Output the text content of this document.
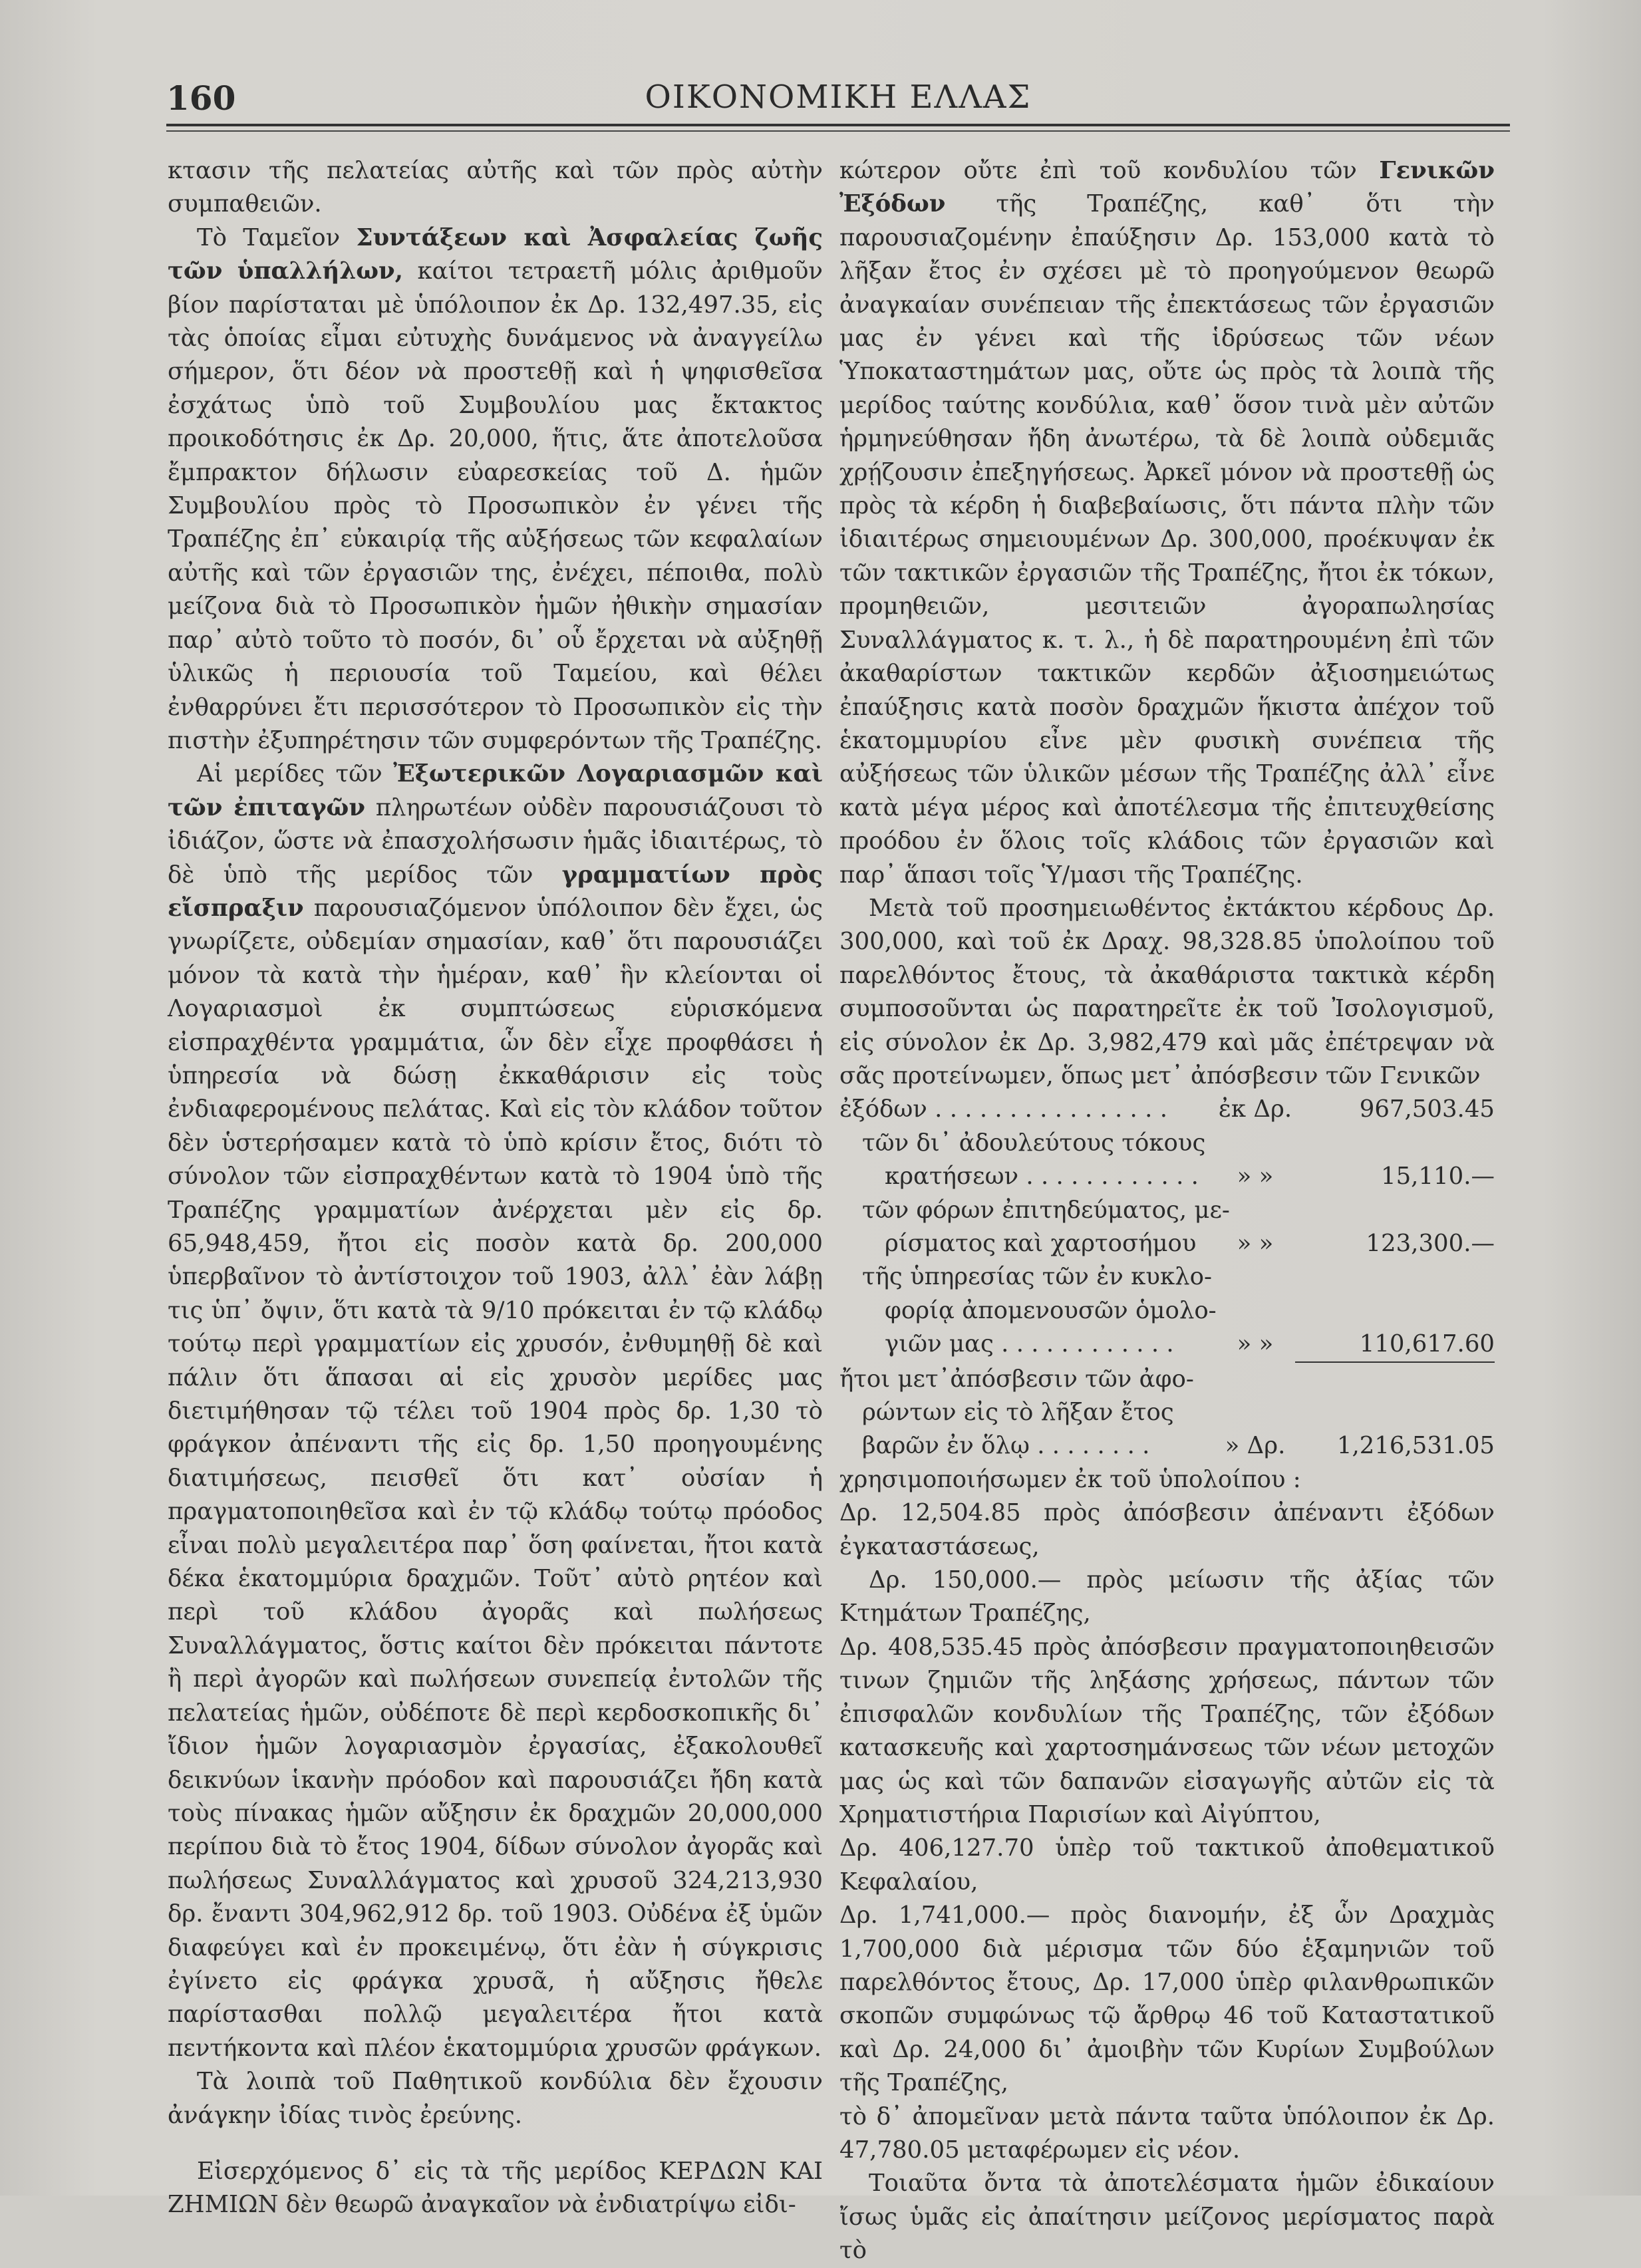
160	ΟΙΚΟΝΟΜΙΚΗ ΕΛΛΑΣ

κτασιν τῆς πελατείας αὐτῆς καὶ τῶν πρὸς αὐτὴν συμπαθειῶν.

Τὸ Ταμεῖον Συντάξεων καὶ Ἀσφαλείας ζωῆς τῶν ὑπαλλήλων, καίτοι τετραετῆ μόλις ἀριθμοῦν βίον παρίσταται μὲ ὑπόλοιπον ἐκ Δρ. 132,497.35, εἰς τὰς ὁποίας εἶμαι εὐτυχὴς δυνάμενος νὰ ἀναγγείλω σήμερον, ὅτι δέον νὰ προστεθῇ καὶ ἡ ψηφισθεῖσα ἐσχάτως ὑπὸ τοῦ Συμβουλίου μας ἔκτακτος προικοδότησις ἐκ Δρ. 20,000, ἥτις, ἅτε ἀποτελοῦσα ἔμπρακτον δήλωσιν εὐαρεσκείας τοῦ Δ. ἡμῶν Συμβουλίου πρὸς τὸ Προσωπικὸν ἐν γένει τῆς Τραπέζης ἐπ᾽ εὐκαιρίᾳ τῆς αὐξήσεως τῶν κεφαλαίων αὐτῆς καὶ τῶν ἐργασιῶν της, ἐνέχει, πέποιθα, πολὺ μείζονα διὰ τὸ Προσωπικὸν ἡμῶν ἠθικὴν σημασίαν παρ᾽ αὐτὸ τοῦτο τὸ ποσόν, δι᾽ οὗ ἔρχεται νὰ αὐξηθῇ ὑλικῶς ἡ περιουσία τοῦ Ταμείου, καὶ θέλει ἐνθαρρύνει ἔτι περισσότερον τὸ Προσωπικὸν εἰς τὴν πιστὴν ἐξυπηρέτησιν τῶν συμφερόντων τῆς Τραπέζης.

Αἱ μερίδες τῶν Ἐξωτερικῶν Λογαριασμῶν καὶ τῶν ἐπιταγῶν πληρωτέων οὐδὲν παρουσιάζουσι τὸ ἰδιάζον, ὥστε νὰ ἐπασχολήσωσιν ἡμᾶς ἰδιαιτέρως, τὸ δὲ ὑπὸ τῆς μερίδος τῶν γραμματίων πρὸς εἴσπραξιν παρουσιαζόμενον ὑπόλοιπον δὲν ἔχει, ὡς γνωρίζετε, οὐδεμίαν σημασίαν, καθ᾽ ὅτι παρουσιάζει μόνον τὰ κατὰ τὴν ἡμέραν, καθ᾽ ἣν κλείονται οἱ Λογαριασμοὶ ἐκ συμπτώσεως εὑρισκόμενα εἰσπραχθέντα γραμμάτια, ὧν δὲν εἶχε προφθάσει ἡ ὑπηρεσία νὰ δώσῃ ἐκκαθάρισιν εἰς τοὺς ἐνδιαφερομένους πελάτας. Καὶ εἰς τὸν κλάδον τοῦτον δὲν ὑστερήσαμεν κατὰ τὸ ὑπὸ κρίσιν ἔτος, διότι τὸ σύνολον τῶν εἰσπραχθέντων κατὰ τὸ 1904 ὑπὸ τῆς Τραπέζης γραμματίων ἀνέρχεται μὲν εἰς δρ. 65,948,459, ἤτοι εἰς ποσὸν κατὰ δρ. 200,000 ὑπερβαῖνον τὸ ἀντίστοιχον τοῦ 1903, ἀλλ᾽ ἐὰν λάβῃ τις ὑπ᾽ ὄψιν, ὅτι κατὰ τὰ 9/10 πρόκειται ἐν τῷ κλάδῳ τούτῳ περὶ γραμματίων εἰς χρυσόν, ἐνθυμηθῇ δὲ καὶ πάλιν ὅτι ἅπασαι αἱ εἰς χρυσὸν μερίδες μας διετιμήθησαν τῷ τέλει τοῦ 1904 πρὸς δρ. 1,30 τὸ φράγκον ἀπέναντι τῆς εἰς δρ. 1,50 προηγουμένης διατιμήσεως, πεισθεῖ ὅτι κατ᾽ οὐσίαν ἡ πραγματοποιηθεῖσα καὶ ἐν τῷ κλάδῳ τούτῳ πρόοδος εἶναι πολὺ μεγαλειτέρα παρ᾽ ὅση φαίνεται, ἤτοι κατὰ δέκα ἑκατομμύρια δραχμῶν. Τοῦτ᾽ αὐτὸ ρητέον καὶ περὶ τοῦ κλάδου ἀγορᾶς καὶ πωλήσεως Συναλλάγματος, ὅστις καίτοι δὲν πρόκειται πάντοτε ἢ περὶ ἀγορῶν καὶ πωλήσεων συνεπείᾳ ἐντολῶν τῆς πελατείας ἡμῶν, οὐδέποτε δὲ περὶ κερδοσκοπικῆς δι᾽ ἴδιον ἡμῶν λογαριασμὸν ἐργασίας, ἐξακολουθεῖ δεικνύων ἱκανὴν πρόοδον καὶ παρουσιάζει ἤδη κατὰ τοὺς πίνακας ἡμῶν αὔξησιν ἐκ δραχμῶν 20,000,000 περίπου διὰ τὸ ἔτος 1904, δίδων σύνολον ἀγορᾶς καὶ πωλήσεως Συναλλάγματος καὶ χρυσοῦ 324,213,930 δρ. ἔναντι 304,962,912 δρ. τοῦ 1903. Οὐδένα ἐξ ὑμῶν διαφεύγει καὶ ἐν προκειμένῳ, ὅτι ἐὰν ἡ σύγκρισις ἐγίνετο εἰς φράγκα χρυσᾶ, ἡ αὔξησις ἤθελε παρίστασθαι πολλῷ μεγαλειτέρα ἤτοι κατὰ πεντήκοντα καὶ πλέον ἑκατομμύρια χρυσῶν φράγκων.

Τὰ λοιπὰ τοῦ Παθητικοῦ κονδύλια δὲν ἔχουσιν ἀνάγκην ἰδίας τινὸς ἐρεύνης.

Εἰσερχόμενος δ᾽ εἰς τὰ τῆς μερίδος ΚΕΡΔΩΝ ΚΑΙ ΖΗΜΙΩΝ δὲν θεωρῶ ἀναγκαῖον νὰ ἐνδιατρίψω εἰδι-

κώτερον οὔτε ἐπὶ τοῦ κονδυλίου τῶν Γενικῶν Ἐξόδων τῆς Τραπέζης, καθ᾽ ὅτι τὴν παρουσιαζομένην ἐπαύξησιν Δρ. 153,000 κατὰ τὸ λῆξαν ἔτος ἐν σχέσει μὲ τὸ προηγούμενον θεωρῶ ἀναγκαίαν συνέπειαν τῆς ἐπεκτάσεως τῶν ἐργασιῶν μας ἐν γένει καὶ τῆς ἱδρύσεως τῶν νέων Ὑποκαταστημάτων μας, οὔτε ὡς πρὸς τὰ λοιπὰ τῆς μερίδος ταύτης κονδύλια, καθ᾽ ὅσον τινὰ μὲν αὐτῶν ἡρμηνεύθησαν ἤδη ἀνωτέρω, τὰ δὲ λοιπὰ οὐδεμιᾶς χρῄζουσιν ἐπεξηγήσεως. Ἀρκεῖ μόνον νὰ προστεθῇ ὡς πρὸς τὰ κέρδη ἡ διαβεβαίωσις, ὅτι πάντα πλὴν τῶν ἰδιαιτέρως σημειουμένων Δρ. 300,000, προέκυψαν ἐκ τῶν τακτικῶν ἐργασιῶν τῆς Τραπέζης, ἤτοι ἐκ τόκων, προμηθειῶν, μεσιτειῶν ἀγοραπωλησίας Συναλλάγματος κ. τ. λ., ἡ δὲ παρατηρουμένη ἐπὶ τῶν ἀκαθαρίστων τακτικῶν κερδῶν ἀξιοσημειώτως ἐπαύξησις κατὰ ποσὸν δραχμῶν ἥκιστα ἀπέχον τοῦ ἑκατομμυρίου εἶνε μὲν φυσικὴ συνέπεια τῆς αὐξήσεως τῶν ὑλικῶν μέσων τῆς Τραπέζης ἀλλ᾽ εἶνε κατὰ μέγα μέρος καὶ ἀποτέλεσμα τῆς ἐπιτευχθείσης προόδου ἐν ὅλοις τοῖς κλάδοις τῶν ἐργασιῶν καὶ παρ᾽ ἅπασι τοῖς Ὑ/μασι τῆς Τραπέζης.

Μετὰ τοῦ προσημειωθέντος ἐκτάκτου κέρδους Δρ. 300,000, καὶ τοῦ ἐκ Δραχ. 98,328.85 ὑπολοίπου τοῦ παρελθόντος ἔτους, τὰ ἀκαθάριστα τακτικὰ κέρδη συμποσοῦνται ὡς παρατηρεῖτε ἐκ τοῦ Ἰσολογισμοῦ, εἰς σύνολον ἐκ Δρ. 3,982,479 καὶ μᾶς ἐπέτρεψαν νὰ σᾶς προτείνωμεν, ὅπως μετ᾽ ἀπόσβεσιν τῶν Γενικῶν

ἐξόδων . . . . . . . . . . . . . . . .	ἐκ Δρ.	967,503.45
τῶν δι᾽ ἀδουλεύτους τόκους
κρατήσεων . . . . . . . . . . . .	» »	15,110.—
τῶν φόρων ἐπιτηδεύματος, με-
ρίσματος καὶ χαρτοσήμου	» »	123,300.—
τῆς ὑπηρεσίας τῶν ἐν κυκλο-
φορίᾳ ἀπομενουσῶν ὁμολο-
γιῶν μας . . . . . . . . . . . .	» »	110,617.60
ἤτοι μετ᾽ἀπόσβεσιν τῶν ἀφο-
ρώντων εἰς τὸ λῆξαν ἔτος
βαρῶν ἐν ὅλῳ . . . . . . . .	» Δρ.	1,216,531.05

χρησιμοποιήσωμεν ἐκ τοῦ ὑπολοίπου :

Δρ. 12,504.85 πρὸς ἀπόσβεσιν ἀπέναντι ἐξόδων ἐγκαταστάσεως,

Δρ. 150,000.— πρὸς μείωσιν τῆς ἀξίας τῶν Κτημάτων Τραπέζης,

Δρ. 408,535.45 πρὸς ἀπόσβεσιν πραγματοποιηθεισῶν τινων ζημιῶν τῆς ληξάσης χρήσεως, πάντων τῶν ἐπισφαλῶν κονδυλίων τῆς Τραπέζης, τῶν ἐξόδων κατασκευῆς καὶ χαρτοσημάνσεως τῶν νέων μετοχῶν μας ὡς καὶ τῶν δαπανῶν εἰσαγωγῆς αὐτῶν εἰς τὰ Χρηματιστήρια Παρισίων καὶ Αἰγύπτου,

Δρ. 406,127.70 ὑπὲρ τοῦ τακτικοῦ ἀποθεματικοῦ Κεφαλαίου,

Δρ. 1,741,000.— πρὸς διανομήν, ἐξ ὧν Δραχμὰς 1,700,000 διὰ μέρισμα τῶν δύο ἑξαμηνιῶν τοῦ παρελθόντος ἔτους, Δρ. 17,000 ὑπὲρ φιλανθρωπικῶν σκοπῶν συμφώνως τῷ ἄρθρῳ 46 τοῦ Καταστατικοῦ καὶ Δρ. 24,000 δι᾽ ἀμοιβὴν τῶν Κυρίων Συμβούλων τῆς Τραπέζης,

τὸ δ᾽ ἀπομεῖναν μετὰ πάντα ταῦτα ὑπόλοιπον ἐκ Δρ. 47,780.05 μεταφέρωμεν εἰς νέον.

Τοιαῦτα ὄντα τὰ ἀποτελέσματα ἡμῶν ἐδικαίουν ἴσως ὑμᾶς εἰς ἀπαίτησιν μείζονος μερίσματος παρὰ τὸ
